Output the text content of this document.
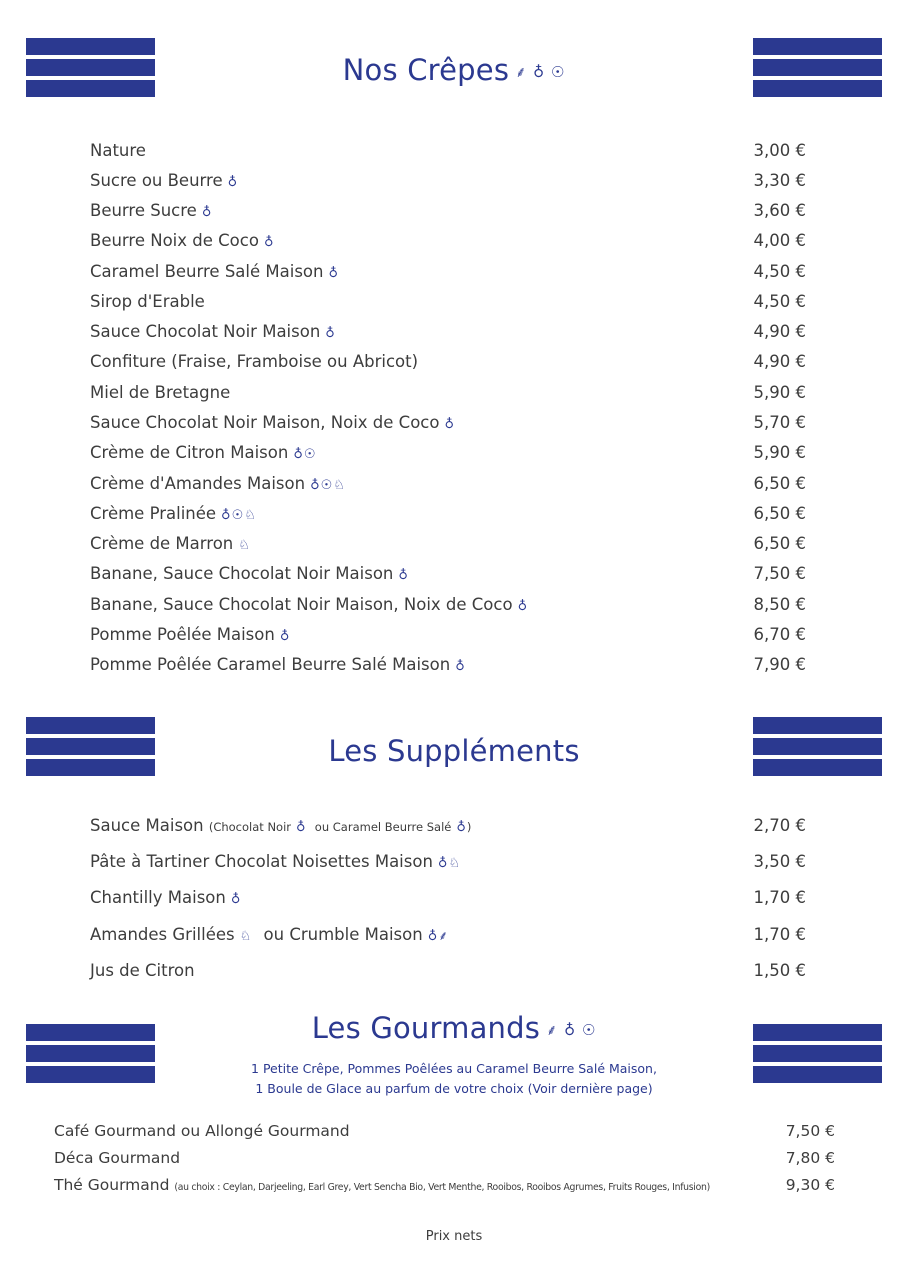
Nos Crêpes ⸙ ♁ ☉
Nature	3,00 €
Sucre ou Beurre ♁	3,30 €
Beurre Sucre ♁	3,60 €
Beurre Noix de Coco ♁	4,00 €
Caramel Beurre Salé Maison ♁	4,50 €
Sirop d'Erable	4,50 €
Sauce Chocolat Noir Maison ♁	4,90 €
Confiture (Fraise, Framboise ou Abricot)	4,90 €
Miel de Bretagne	5,90 €
Sauce Chocolat Noir Maison, Noix de Coco ♁	5,70 €
Crème de Citron Maison ♁☉	5,90 €
Crème d'Amandes Maison ♁☉♘	6,50 €
Crème Pralinée ♁☉♘	6,50 €
Crème de Marron ♘	6,50 €
Banane, Sauce Chocolat Noir Maison ♁	7,50 €
Banane, Sauce Chocolat Noir Maison, Noix de Coco ♁	8,50 €
Pomme Poêlée Maison ♁	6,70 €
Pomme Poêlée Caramel Beurre Salé Maison ♁	7,90 €
Les Suppléments
Sauce Maison (Chocolat Noir ♁ ou Caramel Beurre Salé ♁)	2,70 €
Pâte à Tartiner Chocolat Noisettes Maison ♁♘	3,50 €
Chantilly Maison ♁	1,70 €
Amandes Grillées ♘ ou Crumble Maison ♁⸙	1,70 €
Jus de Citron	1,50 €
Les Gourmands ⸙ ♁ ☉
1 Petite Crêpe, Pommes Poêlées au Caramel Beurre Salé Maison,
1 Boule de Glace au parfum de votre choix (Voir dernière page)
Café Gourmand ou Allongé Gourmand	7,50 €
Déca Gourmand	7,80 €
Thé Gourmand (au choix : Ceylan, Darjeeling, Earl Grey, Vert Sencha Bio, Vert Menthe, Rooibos, Rooibos Agrumes, Fruits Rouges, Infusion)	9,30 €
Prix nets
